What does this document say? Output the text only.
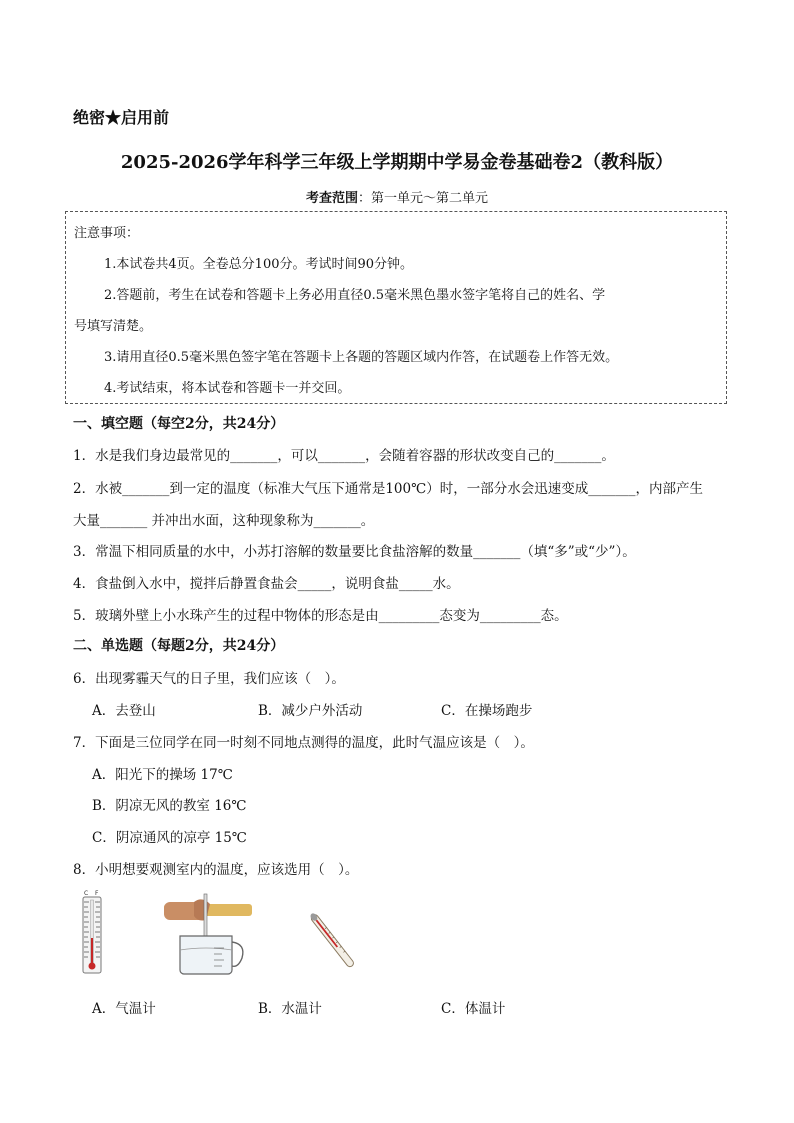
绝密★启用前
2025-2026学年科学三年级上学期期中学易金卷基础卷2（教科版）
考查范围：第一单元～第二单元
注意事项：
1.本试卷共4页。全卷总分100分。考试时间90分钟。
2.答题前，考生在试卷和答题卡上务必用直径0.5毫米黑色墨水签字笔将自己的姓名、学
号填写清楚。
3.请用直径0.5毫米黑色签字笔在答题卡上各题的答题区域内作答，在试题卷上作答无效。
4.考试结束，将本试卷和答题卡一并交回。
一、填空题（每空2分，共24分）
1．水是我们身边最常见的_______，可以_______，会随着容器的形状改变自己的_______。
2．水被_______到一定的温度（标准大气压下通常是100℃）时，一部分水会迅速变成_______，内部产生
大量_______ 并冲出水面，这种现象称为_______。
3．常温下相同质量的水中，小苏打溶解的数量要比食盐溶解的数量_______（填“多”或“少”）。
4．食盐倒入水中，搅拌后静置食盐会_____，说明食盐_____水。
5．玻璃外壁上小水珠产生的过程中物体的形态是由_________态变为_________态。
二、单选题（每题2分，共24分）
6．出现雾霾天气的日子里，我们应该（　）。
A．去登山	B．减少户外活动	C．在操场跑步
7．下面是三位同学在同一时刻不同地点测得的温度，此时气温应该是（　）。
A．阳光下的操场 17℃
B．阴凉无风的教室 16℃
C．阴凉通风的凉亭 15℃
8．小明想要观测室内的温度，应该选用（　）。
C F
A．气温计	B．水温计	C．体温计
